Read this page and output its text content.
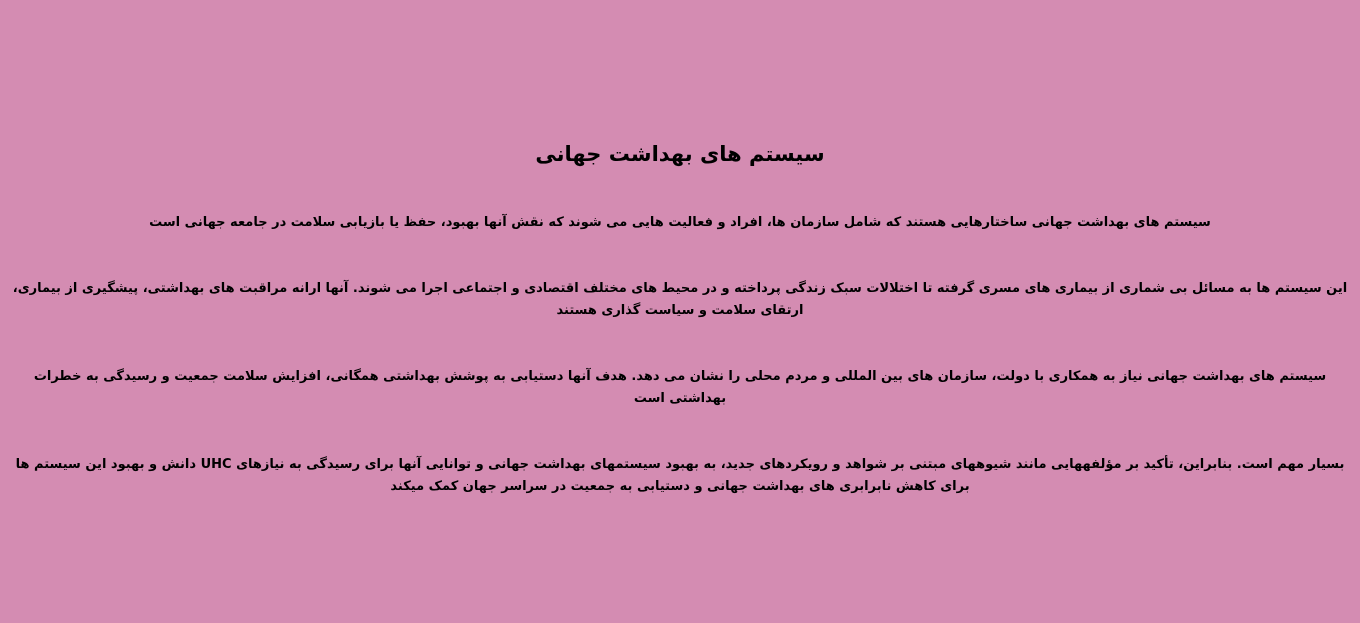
سیستم های بهداشت جهانی

سیستم های بهداشت جهانی ساختارهایی هستند که شامل سازمان ها، افراد و فعالیت هایی می شوند که نقش آنها بهبود، حفظ یا بازیابی سلامت در جامعه جهانی است

این سیستم ها به مسائل بی شماری از بیماری های مسری گرفته تا اختلالات سبک زندگی پرداخته و در محیط های مختلف اقتصادی و اجتماعی اجرا می شوند. آنها ارانه مراقبت های بهداشتی، پیشگیری از بیماری، ارتقای سلامت و سیاست گذاری هستند

سیستم های بهداشت جهانی نیاز به همکاری با دولت، سازمان های بین المللی و مردم محلی را نشان می دهد. هدف آنها دستیابی به پوشش بهداشتی همگانی، افزایش سلامت جمعیت و رسیدگی به خطرات بهداشتی است

بسیار مهم است. بنابراین، تأکید بر مؤلفههایی مانند شیوههای مبتنی بر شواهد و رویکردهای جدید، به بهبود سیستمهای بهداشت جهانی و توانایی آنها برای رسیدگی به نیازهای UHC دانش و بهبود این سیستم ها برای کاهش نابرابری های بهداشت جهانی و دستیابی به جمعیت در سراسر جهان کمک میکند
